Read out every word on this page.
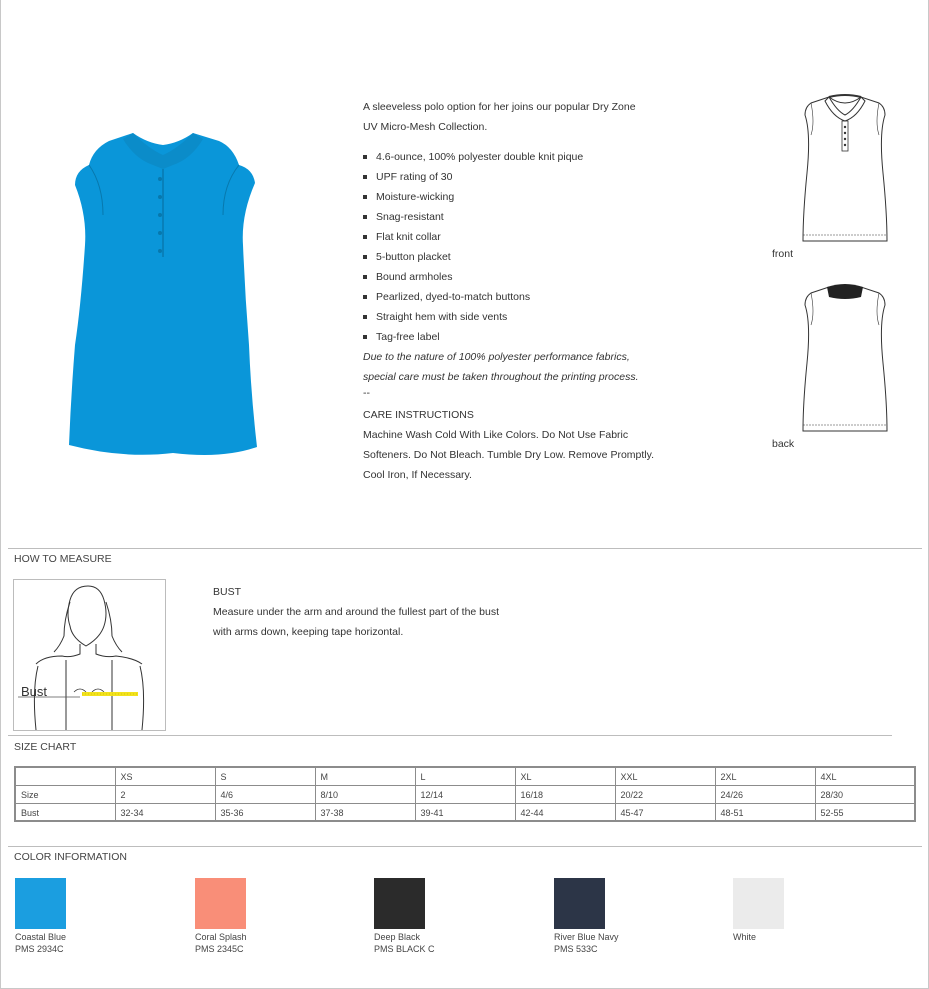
A sleeveless polo option for her joins our popular Dry Zone

UV Micro-Mesh Collection.

4.6-ounce, 100% polyester double knit pique
UPF rating of 30
Moisture-wicking
Snag-resistant
Flat knit collar
5-button placket
Bound armholes
Pearlized, dyed-to-match buttons
Straight hem with side vents
Tag-free label

Due to the nature of 100% polyester performance fabrics,

special care must be taken throughout the printing process.

--

CARE INSTRUCTIONS

Machine Wash Cold With Like Colors. Do Not Use Fabric

Softeners. Do Not Bleach. Tumble Dry Low. Remove Promptly.

Cool Iron, If Necessary.

front
back
HOW TO MEASURE
Bust

BUST

Measure under the arm and around the fullest part of the bust

with arms down, keeping tape horizontal.

SIZE CHART
	XS	S	M	L	XL	XXL	2XL	4XL
Size	2	4/6	8/10	12/14	16/18	20/22	24/26	28/30
Bust	32-34	35-36	37-38	39-41	42-44	45-47	48-51	52-55
COLOR INFORMATION
Coastal Blue
PMS 2934C
Coral Splash
PMS 2345C
Deep Black
PMS BLACK C
River Blue Navy
PMS 533C
White
